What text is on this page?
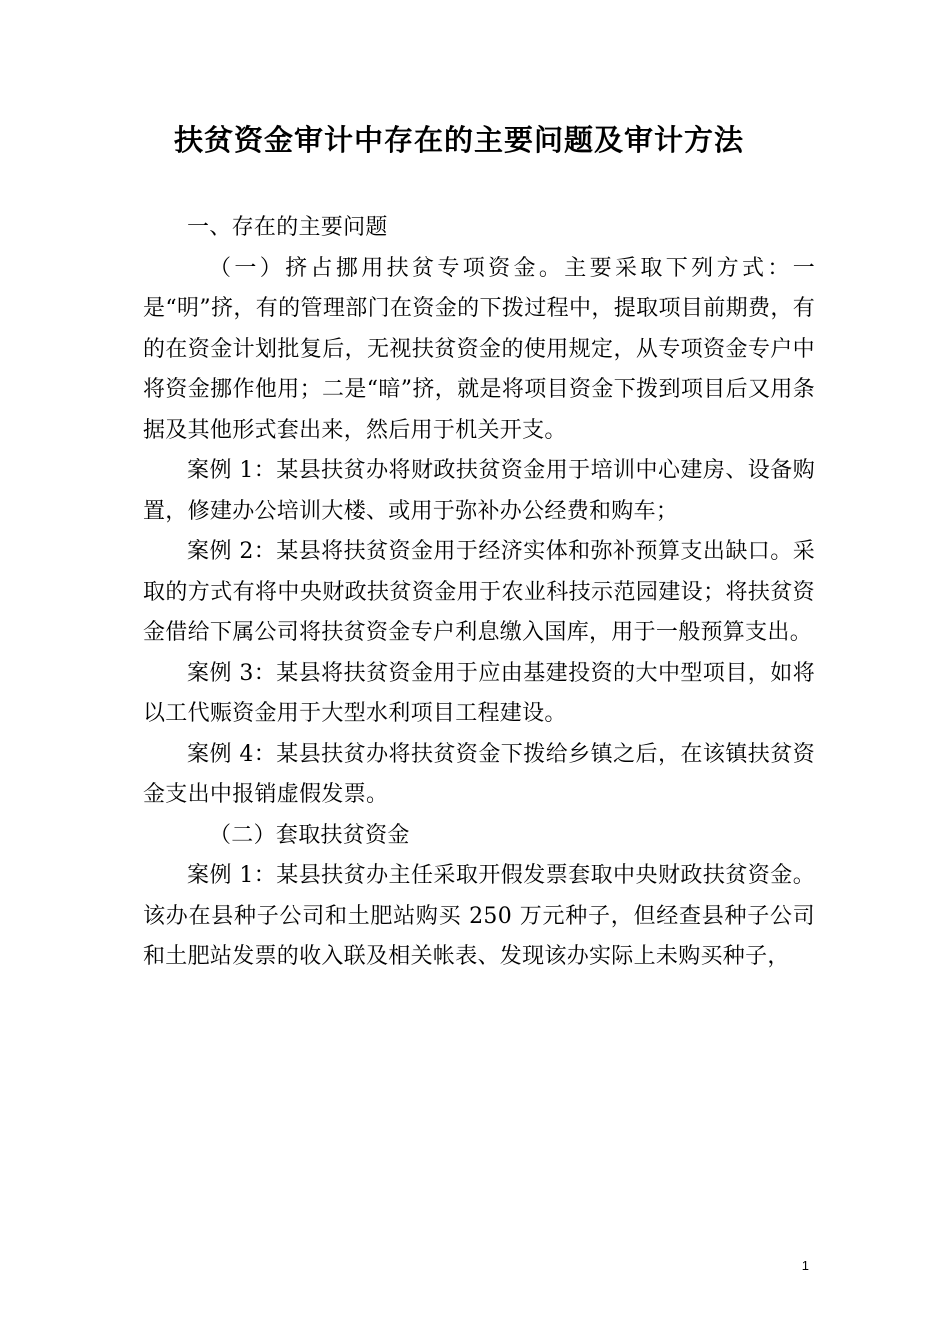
扶贫资金审计中存在的主要问题及审计方法

一、存在的主要问题

（一）挤占挪用扶贫专项资金。主要采取下列方式：一是“明”挤，有的管理部门在资金的下拨过程中，提取项目前期费，有的在资金计划批复后，无视扶贫资金的使用规定，从专项资金专户中将资金挪作他用；二是“暗”挤，就是将项目资金下拨到项目后又用条据及其他形式套出来，然后用于机关开支。

案例 1：某县扶贫办将财政扶贫资金用于培训中心建房、设备购置，修建办公培训大楼、或用于弥补办公经费和购车；

案例 2：某县将扶贫资金用于经济实体和弥补预算支出缺口。采取的方式有将中央财政扶贫资金用于农业科技示范园建设；将扶贫资金借给下属公司将扶贫资金专户利息缴入国库，用于一般预算支出。

案例 3：某县将扶贫资金用于应由基建投资的大中型项目，如将以工代赈资金用于大型水利项目工程建设。

案例 4：某县扶贫办将扶贫资金下拨给乡镇之后，在该镇扶贫资金支出中报销虚假发票。

（二）套取扶贫资金

案例 1：某县扶贫办主任采取开假发票套取中央财政扶贫资金。该办在县种子公司和土肥站购买 250 万元种子，但经查县种子公司和土肥站发票的收入联及相关帐表、发现该办实际上未购买种子，

1
